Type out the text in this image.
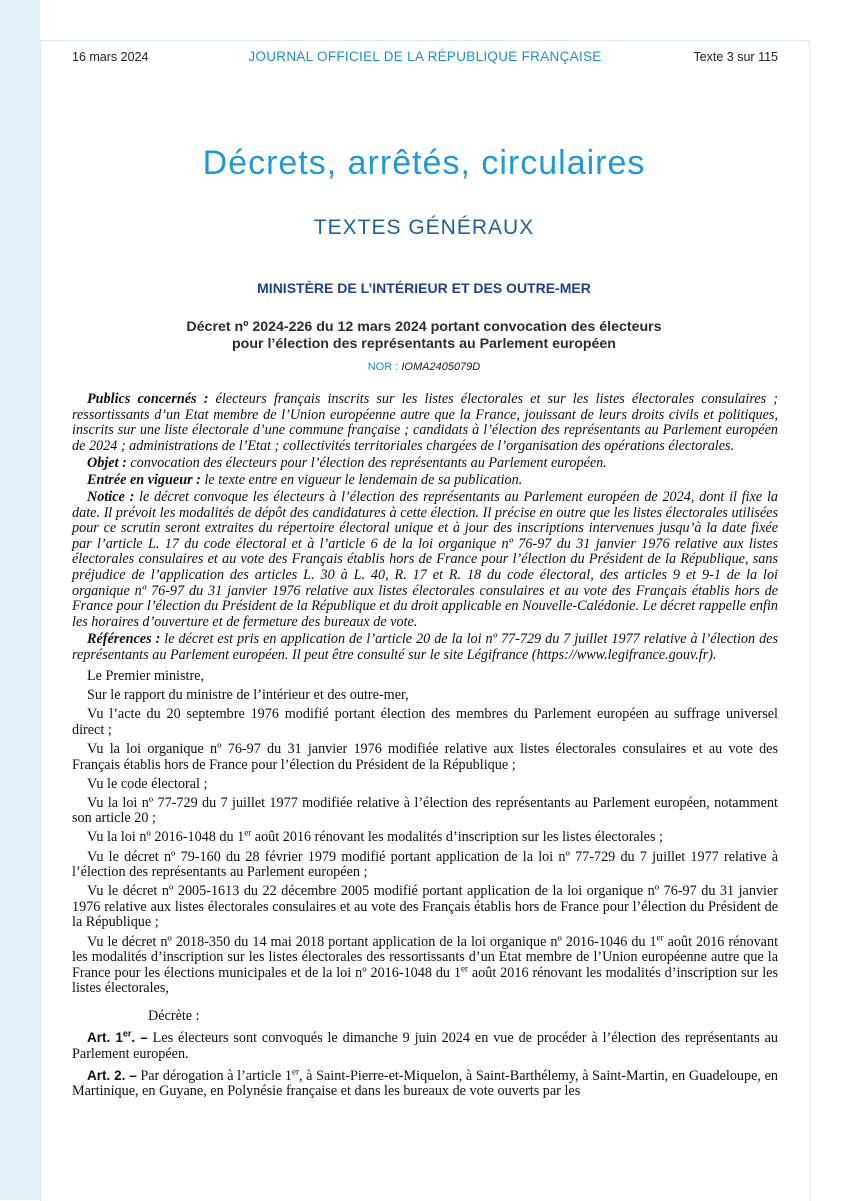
16 mars 2024	JOURNAL OFFICIEL DE LA RÉPUBLIQUE FRANÇAISE	Texte 3 sur 115
Décrets, arrêtés, circulaires
TEXTES GÉNÉRAUX
MINISTÈRE DE L’INTÉRIEUR ET DES OUTRE-MER
Décret nº 2024-226 du 12 mars 2024 portant convocation des électeurs
pour l’élection des représentants au Parlement européen
NOR : IOMA2405079D

Publics concernés : électeurs français inscrits sur les listes électorales et sur les listes électorales consulaires ; ressortissants d’un Etat membre de l’Union européenne autre que la France, jouissant de leurs droits civils et politiques, inscrits sur une liste électorale d’une commune française ; candidats à l’élection des représentants au Parlement européen de 2024 ; administrations de l’Etat ; collectivités territoriales chargées de l’organisation des opérations électorales.

Objet : convocation des électeurs pour l’élection des représentants au Parlement européen.

Entrée en vigueur : le texte entre en vigueur le lendemain de sa publication.

Notice : le décret convoque les électeurs à l’élection des représentants au Parlement européen de 2024, dont il fixe la date. Il prévoit les modalités de dépôt des candidatures à cette élection. Il précise en outre que les listes électorales utilisées pour ce scrutin seront extraites du répertoire électoral unique et à jour des inscriptions intervenues jusqu’à la date fixée par l’article L. 17 du code électoral et à l’article 6 de la loi organique nº 76-97 du 31 janvier 1976 relative aux listes électorales consulaires et au vote des Français établis hors de France pour l’élection du Président de la République, sans préjudice de l’application des articles L. 30 à L. 40, R. 17 et R. 18 du code électoral, des articles 9 et 9-1 de la loi organique nº 76-97 du 31 janvier 1976 relative aux listes électorales consulaires et au vote des Français établis hors de France pour l’élection du Président de la République et du droit applicable en Nouvelle-Calédonie. Le décret rappelle enfin les horaires d’ouverture et de fermeture des bureaux de vote.

Références : le décret est pris en application de l’article 20 de la loi nº 77-729 du 7 juillet 1977 relative à l’élection des représentants au Parlement européen. Il peut être consulté sur le site Légifrance (https://www.legifrance.gouv.fr).

Le Premier ministre,

Sur le rapport du ministre de l’intérieur et des outre-mer,

Vu l’acte du 20 septembre 1976 modifié portant élection des membres du Parlement européen au suffrage universel direct ;

Vu la loi organique nº 76-97 du 31 janvier 1976 modifiée relative aux listes électorales consulaires et au vote des Français établis hors de France pour l’élection du Président de la République ;

Vu le code électoral ;

Vu la loi nº 77-729 du 7 juillet 1977 modifiée relative à l’élection des représentants au Parlement européen, notamment son article 20 ;

Vu la loi nº 2016-1048 du 1er août 2016 rénovant les modalités d’inscription sur les listes électorales ;

Vu le décret nº 79-160 du 28 février 1979 modifié portant application de la loi nº 77-729 du 7 juillet 1977 relative à l’élection des représentants au Parlement européen ;

Vu le décret nº 2005-1613 du 22 décembre 2005 modifié portant application de la loi organique nº 76-97 du 31 janvier 1976 relative aux listes électorales consulaires et au vote des Français établis hors de France pour l’élection du Président de la République ;

Vu le décret nº 2018-350 du 14 mai 2018 portant application de la loi organique nº 2016-1046 du 1er août 2016 rénovant les modalités d’inscription sur les listes électorales des ressortissants d’un Etat membre de l’Union européenne autre que la France pour les élections municipales et de la loi nº 2016-1048 du 1er août 2016 rénovant les modalités d’inscription sur les listes électorales,

Décrète :

Art. 1er. – Les électeurs sont convoqués le dimanche 9 juin 2024 en vue de procéder à l’élection des représentants au Parlement européen.

Art. 2. – Par dérogation à l’article 1er, à Saint-Pierre-et-Miquelon, à Saint-Barthélemy, à Saint-Martin, en Guadeloupe, en Martinique, en Guyane, en Polynésie française et dans les bureaux de vote ouverts par les
